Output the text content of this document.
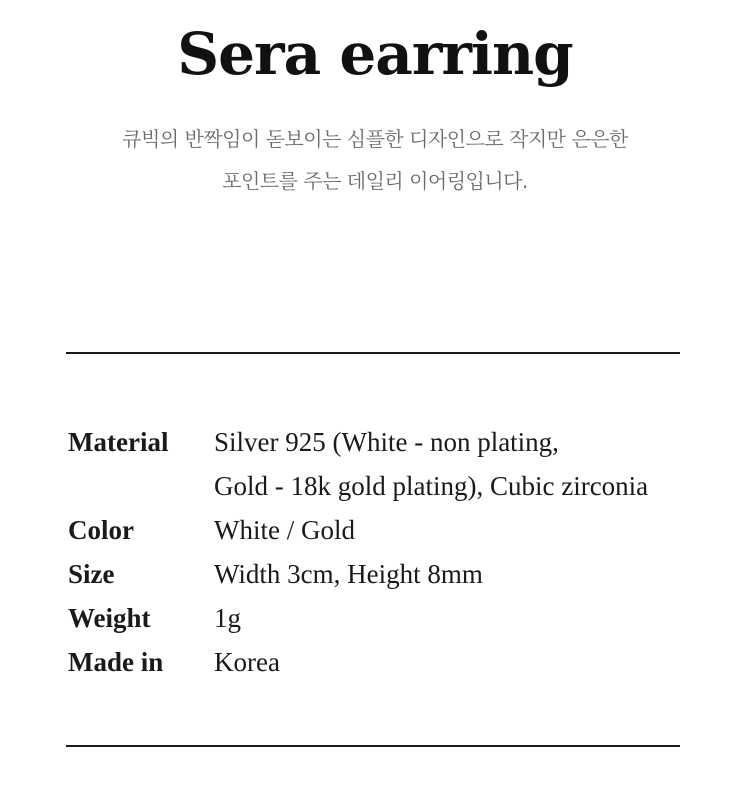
Sera earring
큐빅의 반짝임이 돋보이는 심플한 디자인으로 작지만 은은한
포인트를 주는 데일리 이어링입니다.
Material	Silver 925 (White - non plating,
Gold - 18k gold plating), Cubic zirconia
Color	White / Gold
Size	Width 3cm, Height 8mm
Weight	1g
Made in	Korea
